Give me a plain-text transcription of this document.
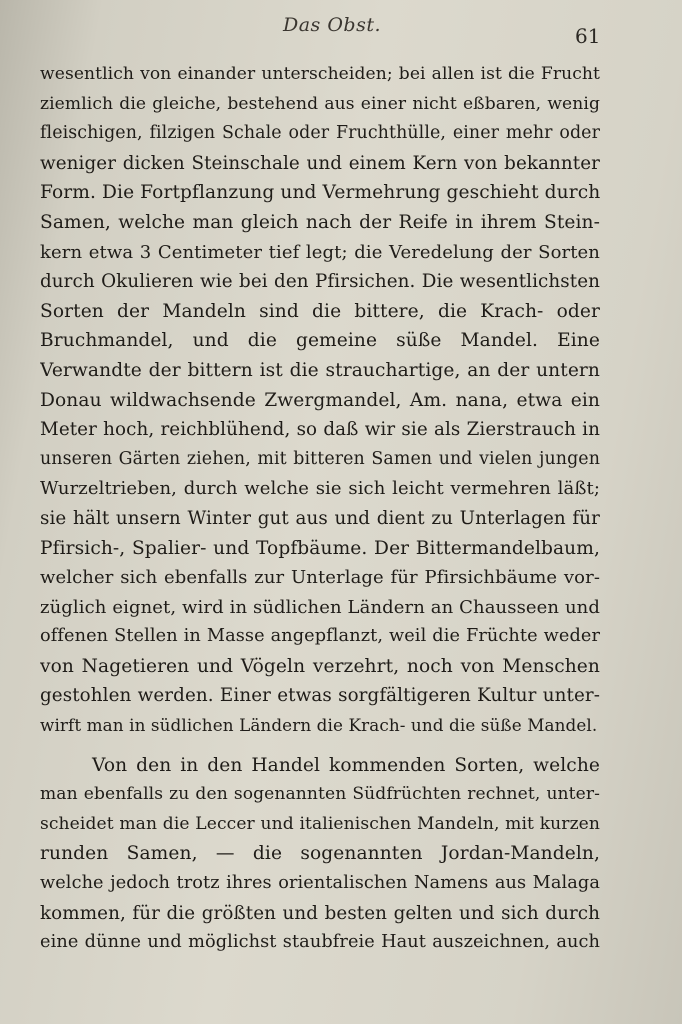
Das Obst.	61
wesentlich von einander unterscheiden; bei allen ist die Frucht
ziemlich die gleiche, bestehend aus einer nicht eßbaren, wenig
fleischigen, filzigen Schale oder Fruchthülle, einer mehr oder
weniger dicken Steinschale und einem Kern von bekannter
Form. Die Fortpflanzung und Vermehrung geschieht durch
Samen, welche man gleich nach der Reife in ihrem Stein-
kern etwa 3 Centimeter tief legt; die Veredelung der Sorten
durch Okulieren wie bei den Pfirsichen. Die wesentlichsten
Sorten der Mandeln sind die bittere, die Krach- oder
Bruchmandel, und die gemeine süße Mandel. Eine
Verwandte der bittern ist die strauchartige, an der untern
Donau wildwachsende Zwergmandel, Am. nana, etwa ein
Meter hoch, reichblühend, so daß wir sie als Zierstrauch in
unseren Gärten ziehen, mit bitteren Samen und vielen jungen
Wurzeltrieben, durch welche sie sich leicht vermehren läßt;
sie hält unsern Winter gut aus und dient zu Unterlagen für
Pfirsich-, Spalier- und Topfbäume. Der Bittermandelbaum,
welcher sich ebenfalls zur Unterlage für Pfirsichbäume vor-
züglich eignet, wird in südlichen Ländern an Chausseen und
offenen Stellen in Masse angepflanzt, weil die Früchte weder
von Nagetieren und Vögeln verzehrt, noch von Menschen
gestohlen werden. Einer etwas sorgfältigeren Kultur unter-
wirft man in südlichen Ländern die Krach- und die süße Mandel.
Von den in den Handel kommenden Sorten, welche
man ebenfalls zu den sogenannten Südfrüchten rechnet, unter-
scheidet man die Leccer und italienischen Mandeln, mit kurzen
runden Samen, — die sogenannten Jordan-Mandeln,
welche jedoch trotz ihres orientalischen Namens aus Malaga
kommen, für die größten und besten gelten und sich durch
eine dünne und möglichst staubfreie Haut auszeichnen, auch
